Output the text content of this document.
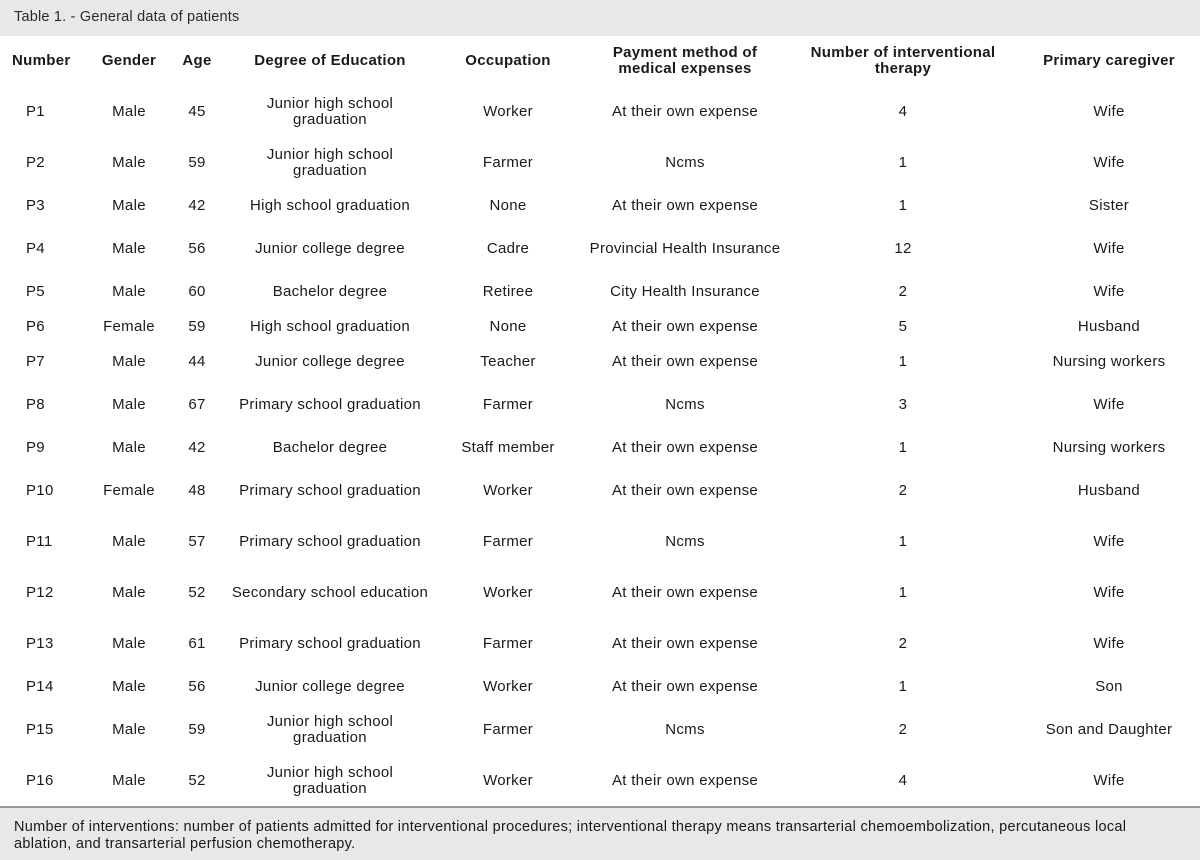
Table 1. - General data of patients
Number	Gender	Age	Degree of Education	Occupation	Payment method of medical expenses	Number of interventional therapy	Primary caregiver
P1	Male	45	Junior high school graduation	Worker	At their own expense	4	Wife
P2	Male	59	Junior high school graduation	Farmer	Ncms	1	Wife
P3	Male	42	High school graduation	None	At their own expense	1	Sister
P4	Male	56	Junior college degree	Cadre	Provincial Health Insurance	12	Wife
P5	Male	60	Bachelor degree	Retiree	City Health Insurance	2	Wife
P6	Female	59	High school graduation	None	At their own expense	5	Husband
P7	Male	44	Junior college degree	Teacher	At their own expense	1	Nursing workers
P8	Male	67	Primary school graduation	Farmer	Ncms	3	Wife
P9	Male	42	Bachelor degree	Staff member	At their own expense	1	Nursing workers
P10	Female	48	Primary school graduation	Worker	At their own expense	2	Husband
P11	Male	57	Primary school graduation	Farmer	Ncms	1	Wife
P12	Male	52	Secondary school education	Worker	At their own expense	1	Wife
P13	Male	61	Primary school graduation	Farmer	At their own expense	2	Wife
P14	Male	56	Junior college degree	Worker	At their own expense	1	Son
P15	Male	59	Junior high school graduation	Farmer	Ncms	2	Son and Daughter
P16	Male	52	Junior high school graduation	Worker	At their own expense	4	Wife
Number of interventions: number of patients admitted for interventional procedures; interventional therapy means transarterial chemoembolization, percutaneous local ablation, and transarterial perfusion chemotherapy.
